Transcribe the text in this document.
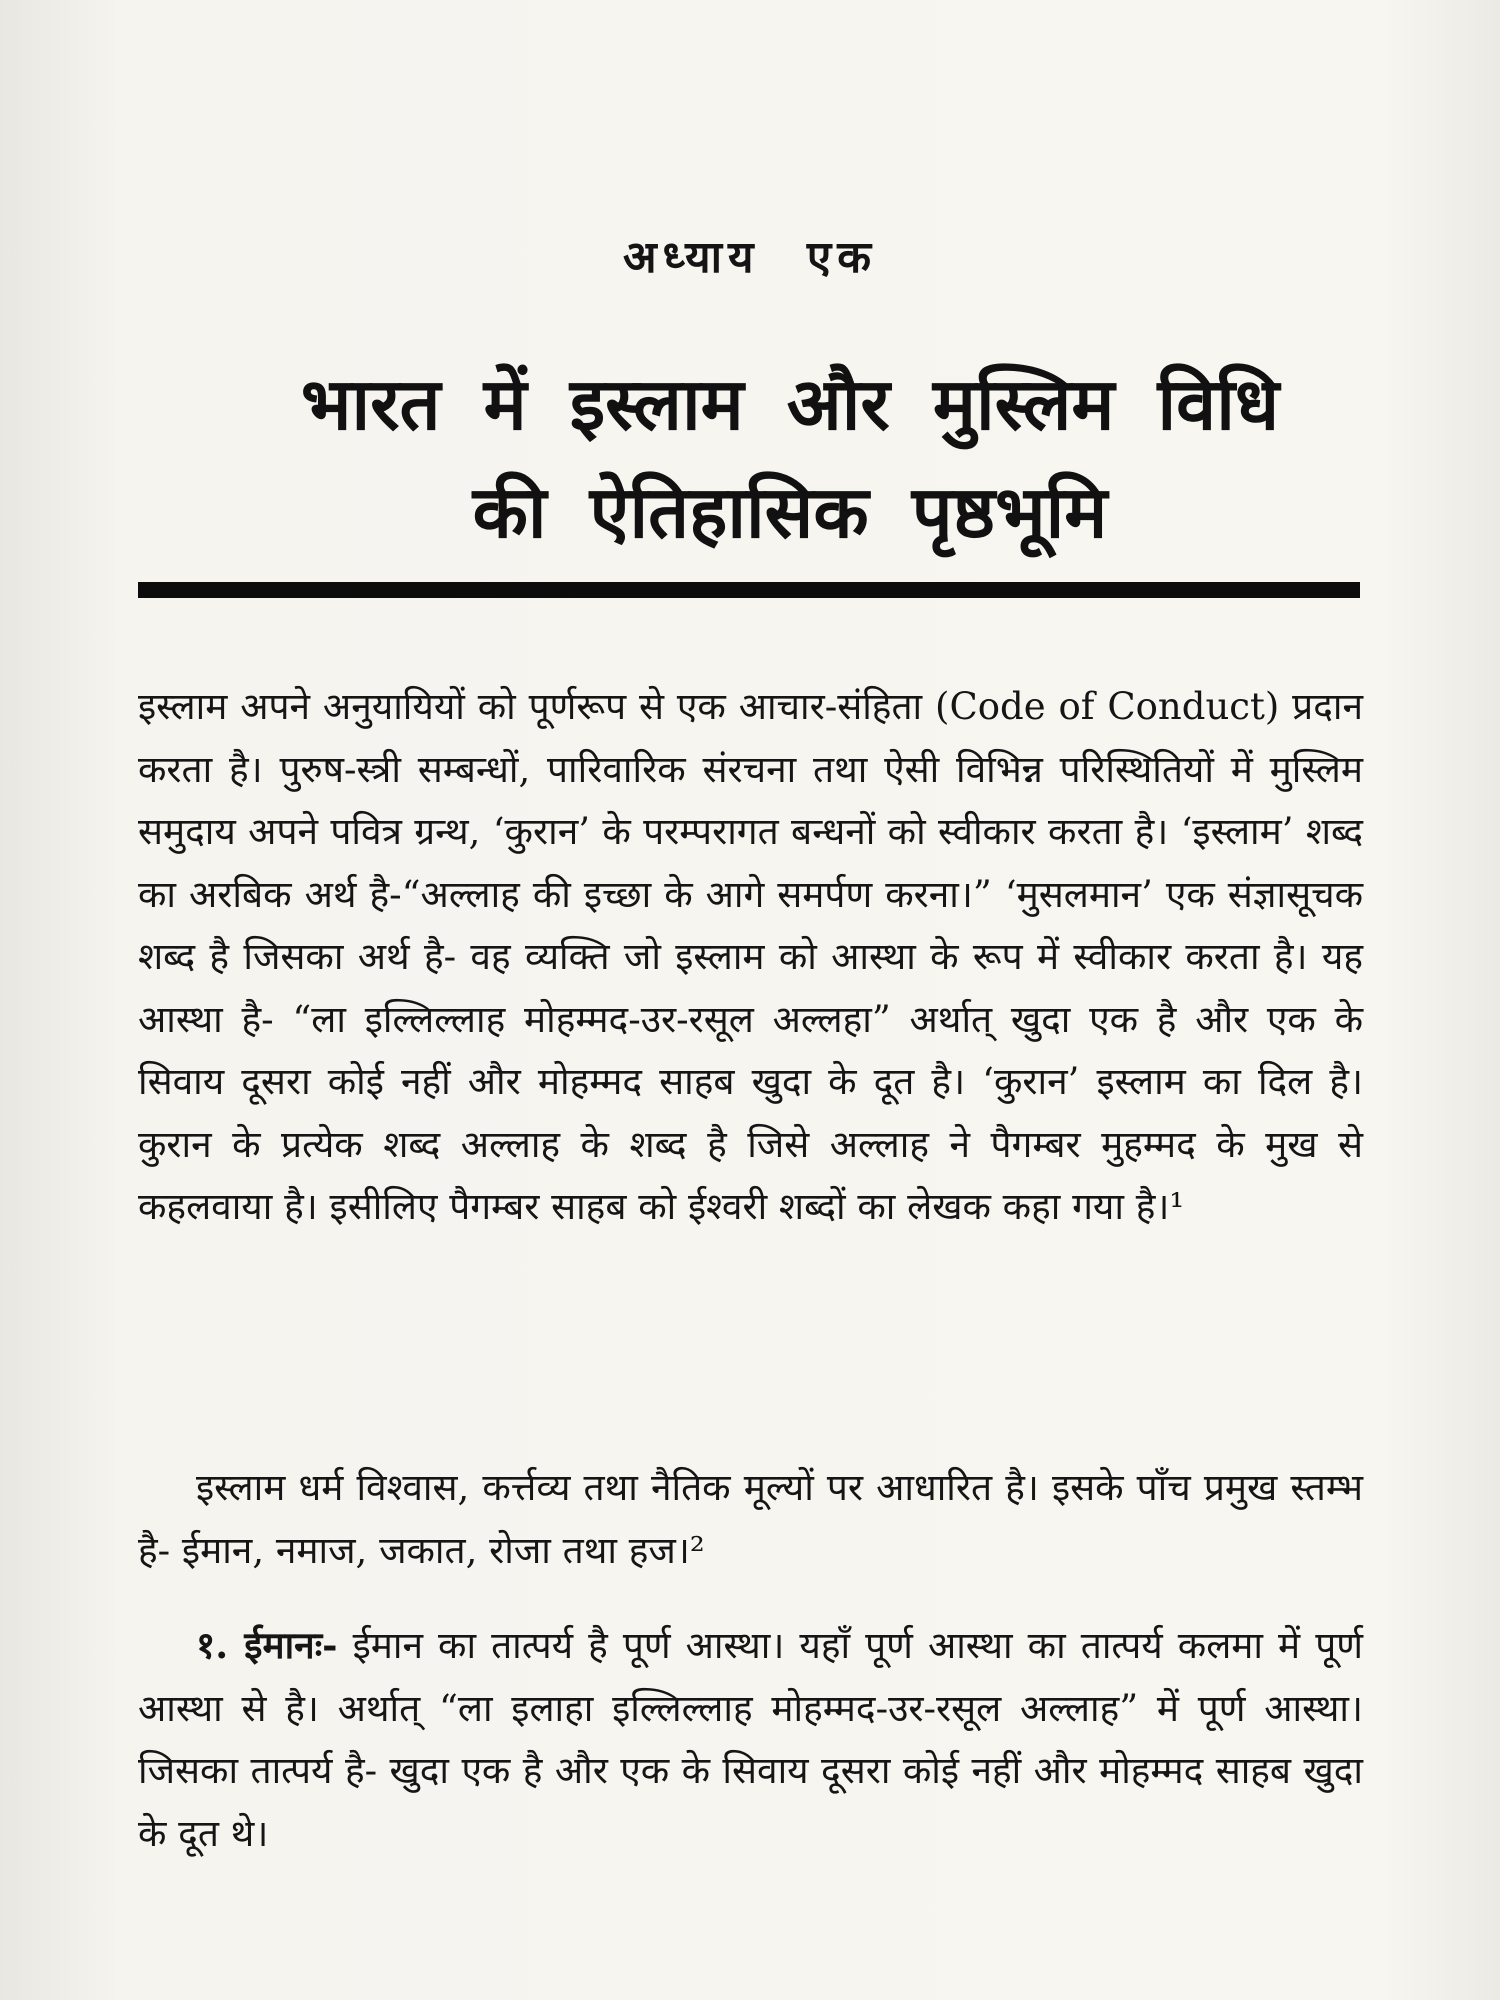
अध्याय एक
भारत में इस्लाम और मुस्लिम विधि
की ऐतिहासिक पृष्ठभूमि

इस्लाम अपने अनुयायियों को पूर्णरूप से एक आचार-संहिता (Code of Conduct) प्रदान करता है। पुरुष-स्त्री सम्बन्धों, पारिवारिक संरचना तथा ऐसी विभिन्न परिस्थितियों में मुस्लिम समुदाय अपने पवित्र ग्रन्थ, ‘कुरान’ के परम्परागत बन्धनों को स्वीकार करता है। ‘इस्लाम’ शब्द का अरबिक अर्थ है-“अल्लाह की इच्छा के आगे समर्पण करना।” ‘मुसलमान’ एक संज्ञासूचक शब्द है जिसका अर्थ है- वह व्यक्ति जो इस्लाम को आस्था के रूप में स्वीकार करता है। यह आस्था है- “ला इल्लिल्लाह मोहम्मद-उर-रसूल अल्लहा” अर्थात् खुदा एक है और एक के सिवाय दूसरा कोई नहीं और मोहम्मद साहब खुदा के दूत है। ‘कुरान’ इस्लाम का दिल है। कुरान के प्रत्येक शब्द अल्लाह के शब्द है जिसे अल्लाह ने पैगम्बर मुहम्मद के मुख से कहलवाया है। इसीलिए पैगम्बर साहब को ईश्वरी शब्दों का लेखक कहा गया है।¹

इस्लाम धर्म विश्वास, कर्त्तव्य तथा नैतिक मूल्यों पर आधारित है। इसके पाँच प्रमुख स्तम्भ है- ईमान, नमाज, जकात, रोजा तथा हज।²

१. ईमानः- ईमान का तात्पर्य है पूर्ण आस्था। यहाँ पूर्ण आस्था का तात्पर्य कलमा में पूर्ण आस्था से है। अर्थात् “ला इलाहा इल्लिल्लाह मोहम्मद-उर-रसूल अल्लाह” में पूर्ण आस्था। जिसका तात्पर्य है- खुदा एक है और एक के सिवाय दूसरा कोई नहीं और मोहम्मद साहब खुदा के दूत थे।
